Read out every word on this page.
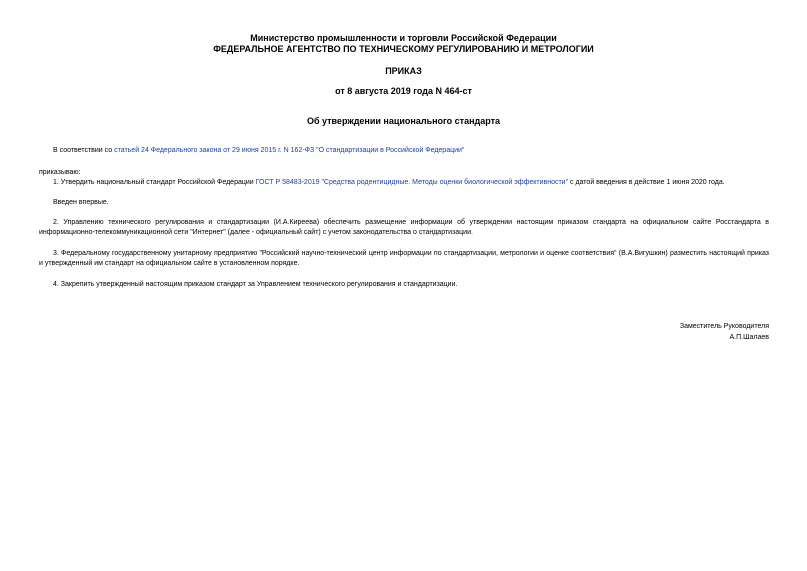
Министерство промышленности и торговли Российской Федерации
ФЕДЕРАЛЬНОЕ АГЕНТСТВО ПО ТЕХНИЧЕСКОМУ РЕГУЛИРОВАНИЮ И МЕТРОЛОГИИ
ПРИКАЗ
от 8 августа 2019 года N 464-ст
Об утверждении национального стандарта
В соответствии со статьей 24 Федерального закона от 29 июня 2015 г. N 162-ФЗ "О стандартизации в Российской Федерации"
приказываю:
1. Утвердить национальный стандарт Российской Федерации ГОСТ Р 58483-2019 "Средства родентицидные. Методы оценки биологической эффективности" с датой введения в действие 1 июня 2020 года.
Введен впервые.
2. Управлению технического регулирования и стандартизации (И.А.Киреева) обеспечить размещение информации об утверждении настоящим приказом стандарта на официальном сайте Росстандарта в информационно-телекоммуникационной сети "Интернет" (далее - официальный сайт) с учетом законодательства о стандартизации.
3. Федеральному государственному унитарному предприятию "Российский научно-технический центр информации по стандартизации, метрологии и оценке соответствия" (В.А.Вигушкин) разместить настоящий приказ и утвержденный им стандарт на официальном сайте в установленном порядке.
4. Закрепить утвержденный настоящим приказом стандарт за Управлением технического регулирования и стандартизации.
Заместитель Руководителя
А.П.Шалаев
